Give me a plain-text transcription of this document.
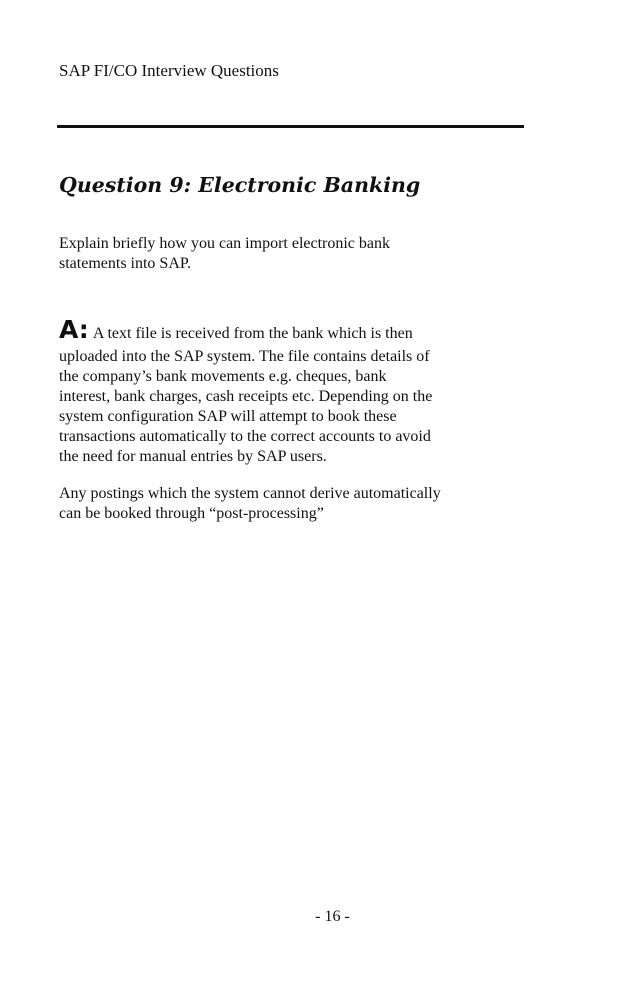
SAP FI/CO Interview Questions
Question 9: Electronic Banking

Explain briefly how you can import electronic bank
statements into SAP.

A: A text file is received from the bank which is then
uploaded into the SAP system. The file contains details of
the company’s bank movements e.g. cheques, bank
interest, bank charges, cash receipts etc. Depending on the
system configuration SAP will attempt to book these
transactions automatically to the correct accounts to avoid
the need for manual entries by SAP users.

Any postings which the system cannot derive automatically
can be booked through “post-processing”

- 16 -
